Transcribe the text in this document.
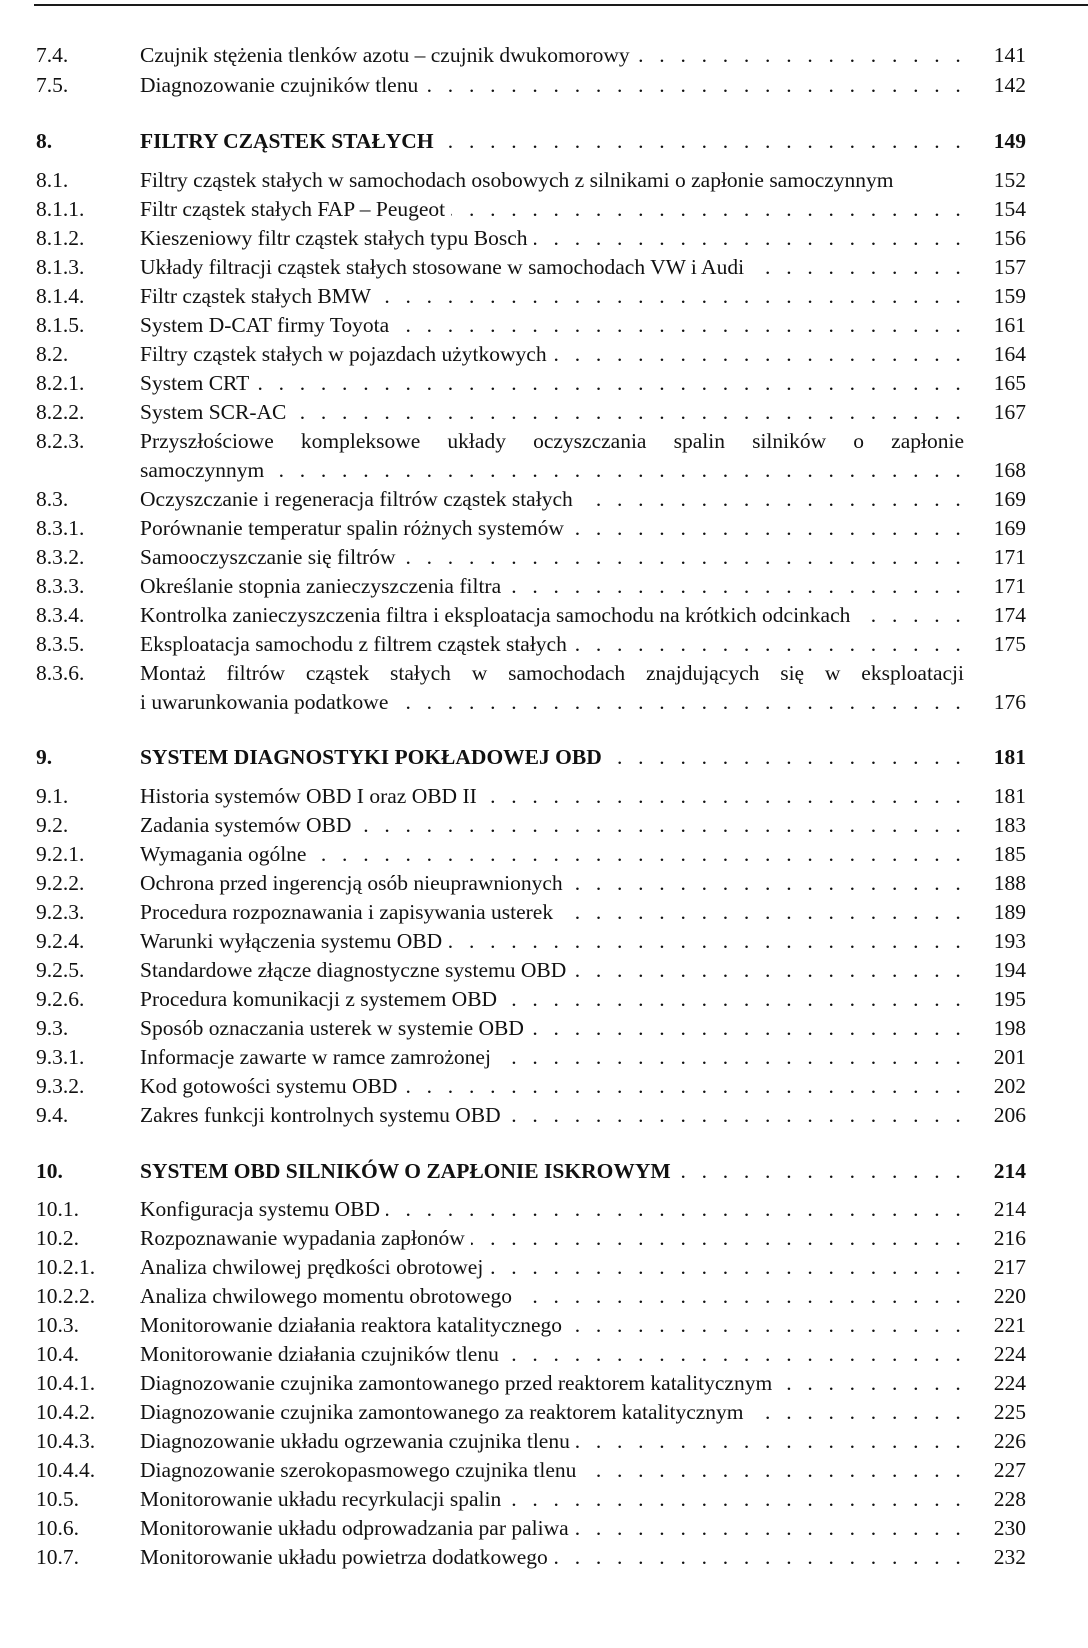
7.4.	Czujnik stężenia tlenków azotu – czujnik dwukomorowy . . .	141
7.5.	Diagnozowanie czujników tlenu . . .	142
8.	FILTRY CZĄSTEK STAŁYCH . . .	149
8.1.	Filtry cząstek stałych w samochodach osobowych z silnikami o zapłonie samoczynnym	152
8.1.1.	Filtr cząstek stałych FAP – Peugeot . . .	154
8.1.2.	Kieszeniowy filtr cząstek stałych typu Bosch . . .	156
8.1.3.	Układy filtracji cząstek stałych stosowane w samochodach VW i Audi . . .	157
8.1.4.	Filtr cząstek stałych BMW . . .	159
8.1.5.	System D-CAT firmy Toyota . . .	161
8.2.	Filtry cząstek stałych w pojazdach użytkowych . . .	164
8.2.1.	System CRT . . .	165
8.2.2.	System SCR-AC . . .	167
8.2.3.	Przyszłościowe kompleksowe układy oczyszczania spalin silników o zapłonie
samoczynnym . . .	168
8.3.	Oczyszczanie i regeneracja filtrów cząstek stałych . . .	169
8.3.1.	Porównanie temperatur spalin różnych systemów . . .	169
8.3.2.	Samooczyszczanie się filtrów . . .	171
8.3.3.	Określanie stopnia zanieczyszczenia filtra . . .	171
8.3.4.	Kontrolka zanieczyszczenia filtra i eksploatacja samochodu na krótkich odcinkach . . .	174
8.3.5.	Eksploatacja samochodu z filtrem cząstek stałych . . .	175
8.3.6.	Montaż filtrów cząstek stałych w samochodach znajdujących się w eksploatacji
i uwarunkowania podatkowe . . .	176
9.	SYSTEM DIAGNOSTYKI POKŁADOWEJ OBD . . .	181
9.1.	Historia systemów OBD I oraz OBD II . . .	181
9.2.	Zadania systemów OBD . . .	183
9.2.1.	Wymagania ogólne . . .	185
9.2.2.	Ochrona przed ingerencją osób nieuprawnionych . . .	188
9.2.3.	Procedura rozpoznawania i zapisywania usterek . . .	189
9.2.4.	Warunki wyłączenia systemu OBD . . .	193
9.2.5.	Standardowe złącze diagnostyczne systemu OBD . . .	194
9.2.6.	Procedura komunikacji z systemem OBD . . .	195
9.3.	Sposób oznaczania usterek w systemie OBD . . .	198
9.3.1.	Informacje zawarte w ramce zamrożonej . . .	201
9.3.2.	Kod gotowości systemu OBD . . .	202
9.4.	Zakres funkcji kontrolnych systemu OBD . . .	206
10.	SYSTEM OBD SILNIKÓW O ZAPŁONIE ISKROWYM . . .	214
10.1.	Konfiguracja systemu OBD . . .	214
10.2.	Rozpoznawanie wypadania zapłonów . . .	216
10.2.1. Analiza chwilowej prędkości obrotowej . . .	217
10.2.2. Analiza chwilowego momentu obrotowego . . .	220
10.3.	Monitorowanie działania reaktora katalitycznego . . .	221
10.4.	Monitorowanie działania czujników tlenu . . .	224
10.4.1. Diagnozowanie czujnika zamontowanego przed reaktorem katalitycznym . . .	224
10.4.2. Diagnozowanie czujnika zamontowanego za reaktorem katalitycznym . . .	225
10.4.3. Diagnozowanie układu ogrzewania czujnika tlenu . . .	226
10.4.4. Diagnozowanie szerokopasmowego czujnika tlenu . . .	227
10.5.	Monitorowanie układu recyrkulacji spalin . . .	228
10.6.	Monitorowanie układu odprowadzania par paliwa . . .	230
10.7.	Monitorowanie układu powietrza dodatkowego . . .	232
